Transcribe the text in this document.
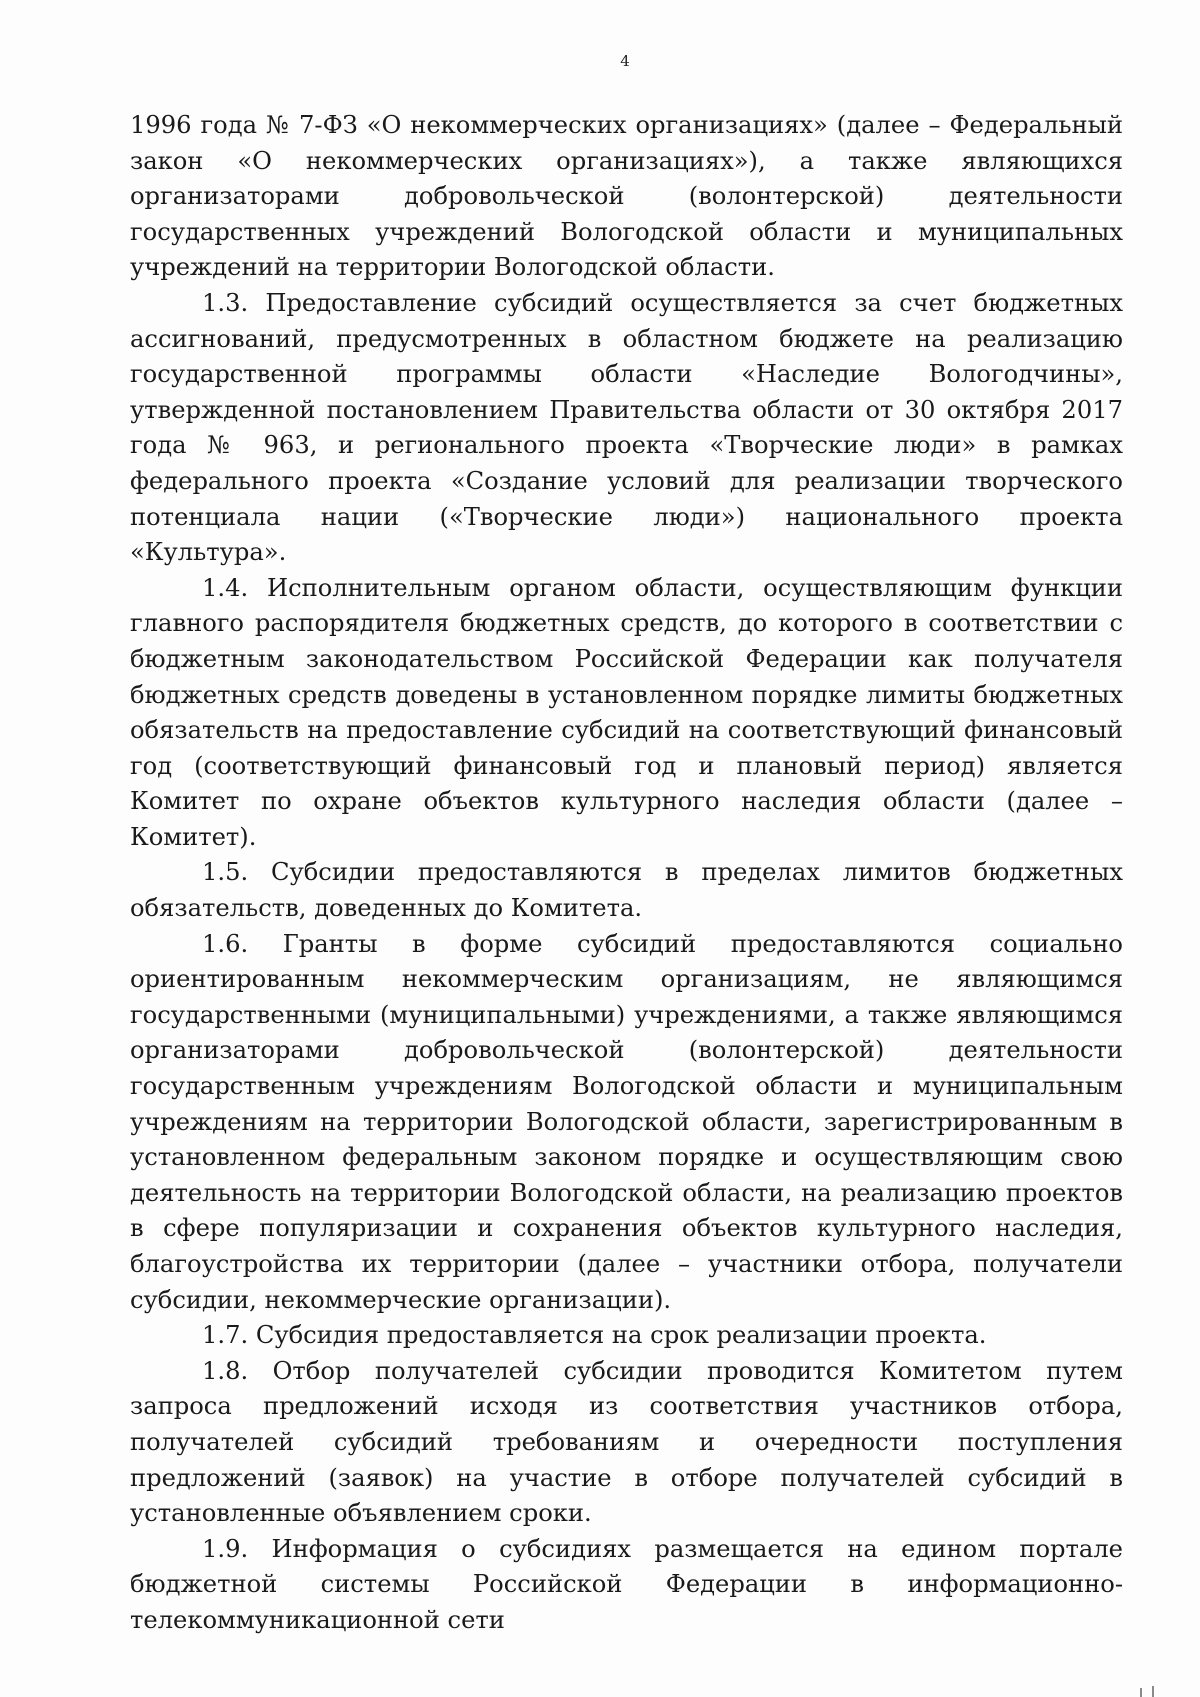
4

1996 года № 7-ФЗ «О некоммерческих организациях» (далее – Федеральный закон «О некоммерческих организациях»), а также являющихся организаторами добровольческой (волонтерской) деятельности государственных учреждений Вологодской области и муниципальных учреждений на территории Вологодской области.

1.3. Предоставление субсидий осуществляется за счет бюджетных ассигнований, предусмотренных в областном бюджете на реализацию государственной программы области «Наследие Вологодчины», утвержденной постановлением Правительства области от 30 октября 2017 года № 963, и регионального проекта «Творческие люди» в рамках федерального проекта «Создание условий для реализации творческого потенциала нации («Творческие люди») национального проекта «Культура».

1.4. Исполнительным органом области, осуществляющим функции главного распорядителя бюджетных средств, до которого в соответствии с бюджетным законодательством Российской Федерации как получателя бюджетных средств доведены в установленном порядке лимиты бюджетных обязательств на предоставление субсидий на соответствующий финансовый год (соответствующий финансовый год и плановый период) является Комитет по охране объектов культурного наследия области (далее – Комитет).

1.5. Субсидии предоставляются в пределах лимитов бюджетных обязательств, доведенных до Комитета.

1.6. Гранты в форме субсидий предоставляются социально ориентированным некоммерческим организациям, не являющимся государственными (муниципальными) учреждениями, а также являющимся организаторами добровольческой (волонтерской) деятельности государственным учреждениям Вологодской области и муниципальным учреждениям на территории Вологодской области, зарегистрированным в установленном федеральным законом порядке и осуществляющим свою деятельность на территории Вологодской области, на реализацию проектов в сфере популяризации и сохранения объектов культурного наследия, благоустройства их территории (далее – участники отбора, получатели субсидии, некоммерческие организации).

1.7. Субсидия предоставляется на срок реализации проекта.

1.8. Отбор получателей субсидии проводится Комитетом путем запроса предложений исходя из соответствия участников отбора, получателей субсидий требованиям и очередности поступления предложений (заявок) на участие в отборе получателей субсидий в установленные объявлением сроки.

1.9. Информация о субсидиях размещается на едином портале бюджетной системы Российской Федерации в информационно-телекоммуникационной сети
